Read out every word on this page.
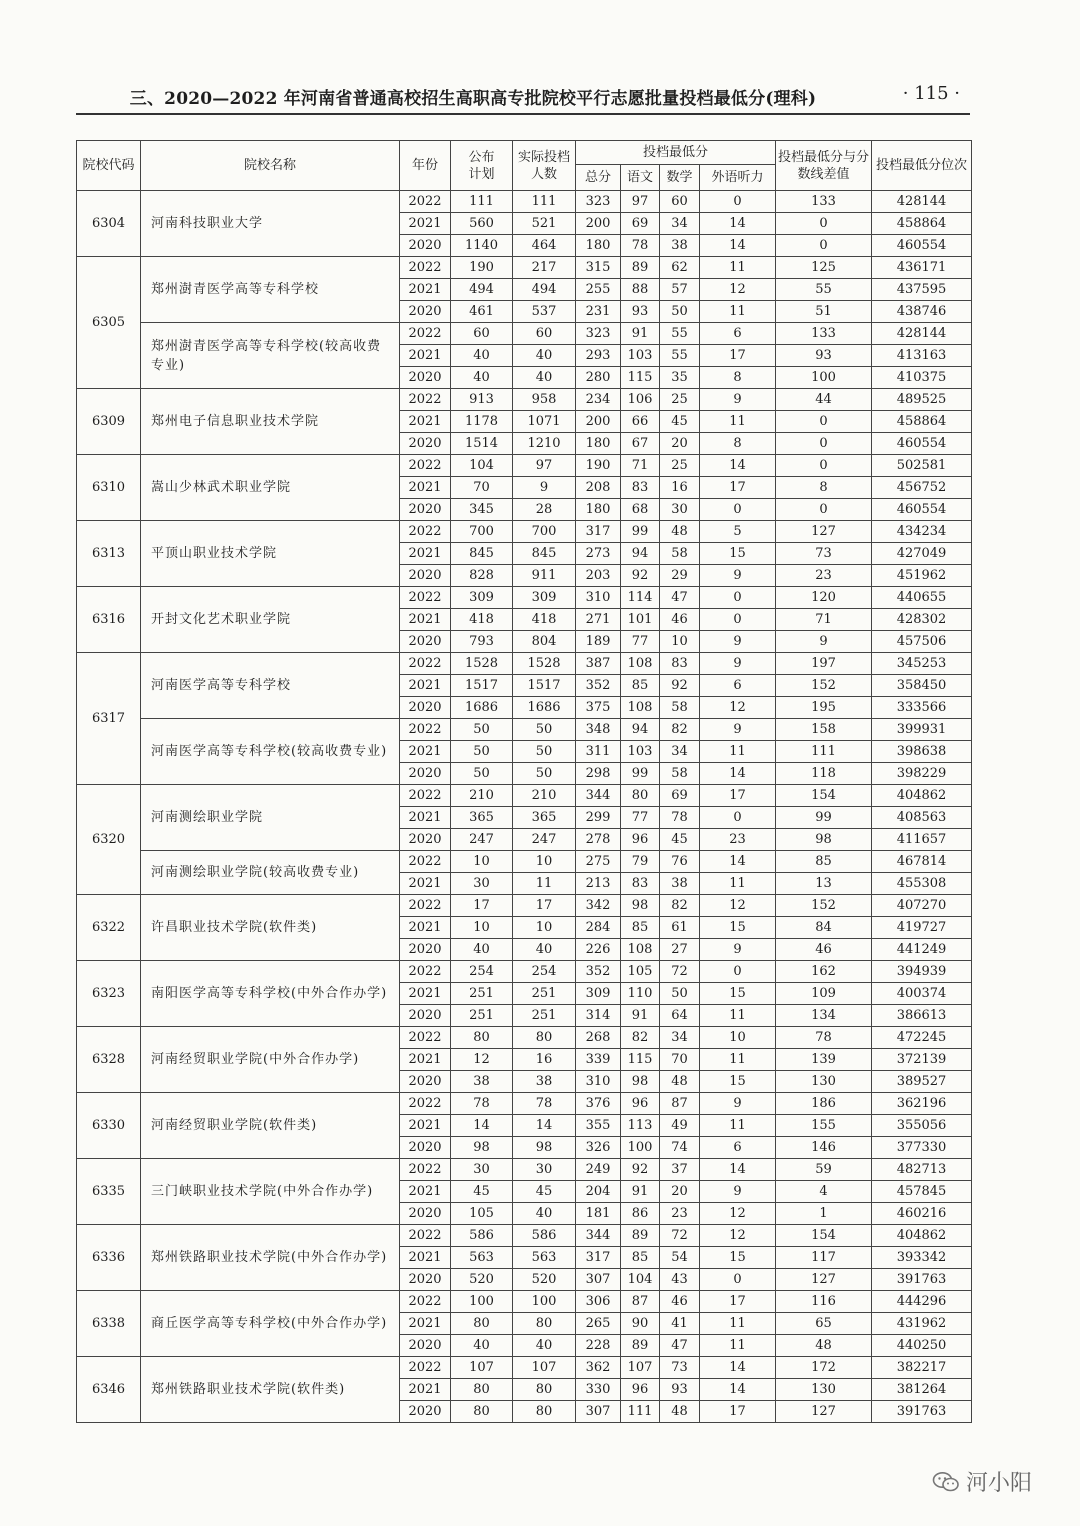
三、2020—2022 年河南省普通高校招生高职高专批院校平行志愿批量投档最低分(理科)	· 115 ·
院校代码	院校名称	年份	公布计划	实际投档人数	投档最低分				投档最低分与分数线差值	投档最低分位次
					总分	语文	数学	外语听力		
6304	河南科技职业大学	2022	111	111	323	97	60	0	133	428144
		2021	560	521	200	69	34	14	0	458864
		2020	1140	464	180	78	38	14	0	460554
6305	郑州澍青医学高等专科学校	2022	190	217	315	89	62	11	125	436171
		2021	494	494	255	88	57	12	55	437595
		2020	461	537	231	93	50	11	51	438746
	郑州澍青医学高等专科学校(较高收费专业)	2022	60	60	323	91	55	6	133	428144
		2021	40	40	293	103	55	17	93	413163
		2020	40	40	280	115	35	8	100	410375
6309	郑州电子信息职业技术学院	2022	913	958	234	106	25	9	44	489525
		2021	1178	1071	200	66	45	11	0	458864
		2020	1514	1210	180	67	20	8	0	460554
6310	嵩山少林武术职业学院	2022	104	97	190	71	25	14	0	502581
		2021	70	9	208	83	16	17	8	456752
		2020	345	28	180	68	30	0	0	460554
6313	平顶山职业技术学院	2022	700	700	317	99	48	5	127	434234
		2021	845	845	273	94	58	15	73	427049
		2020	828	911	203	92	29	9	23	451962
6316	开封文化艺术职业学院	2022	309	309	310	114	47	0	120	440655
		2021	418	418	271	101	46	0	71	428302
		2020	793	804	189	77	10	9	9	457506
6317	河南医学高等专科学校	2022	1528	1528	387	108	83	9	197	345253
		2021	1517	1517	352	85	92	6	152	358450
		2020	1686	1686	375	108	58	12	195	333566
	河南医学高等专科学校(较高收费专业)	2022	50	50	348	94	82	9	158	399931
		2021	50	50	311	103	34	11	111	398638
		2020	50	50	298	99	58	14	118	398229
6320	河南测绘职业学院	2022	210	210	344	80	69	17	154	404862
		2021	365	365	299	77	78	0	99	408563
		2020	247	247	278	96	45	23	98	411657
	河南测绘职业学院(较高收费专业)	2022	10	10	275	79	76	14	85	467814
		2021	30	11	213	83	38	11	13	455308
6322	许昌职业技术学院(软件类)	2022	17	17	342	98	82	12	152	407270
		2021	10	10	284	85	61	15	84	419727
		2020	40	40	226	108	27	9	46	441249
6323	南阳医学高等专科学校(中外合作办学)	2022	254	254	352	105	72	0	162	394939
		2021	251	251	309	110	50	15	109	400374
		2020	251	251	314	91	64	11	134	386613
6328	河南经贸职业学院(中外合作办学)	2022	80	80	268	82	34	10	78	472245
		2021	12	16	339	115	70	11	139	372139
		2020	38	38	310	98	48	15	130	389527
6330	河南经贸职业学院(软件类)	2022	78	78	376	96	87	9	186	362196
		2021	14	14	355	113	49	11	155	355056
		2020	98	98	326	100	74	6	146	377330
6335	三门峡职业技术学院(中外合作办学)	2022	30	30	249	92	37	14	59	482713
		2021	45	45	204	91	20	9	4	457845
		2020	105	40	181	86	23	12	1	460216
6336	郑州铁路职业技术学院(中外合作办学)	2022	586	586	344	89	72	12	154	404862
		2021	563	563	317	85	54	15	117	393342
		2020	520	520	307	104	43	0	127	391763
6338	商丘医学高等专科学校(中外合作办学)	2022	100	100	306	87	46	17	116	444296
		2021	80	80	265	90	41	11	65	431962
		2020	40	40	228	89	47	11	48	440250
6346	郑州铁路职业技术学院(软件类)	2022	107	107	362	107	73	14	172	382217
		2021	80	80	330	96	93	14	130	381264
		2020	80	80	307	111	48	17	127	391763
河小阳
